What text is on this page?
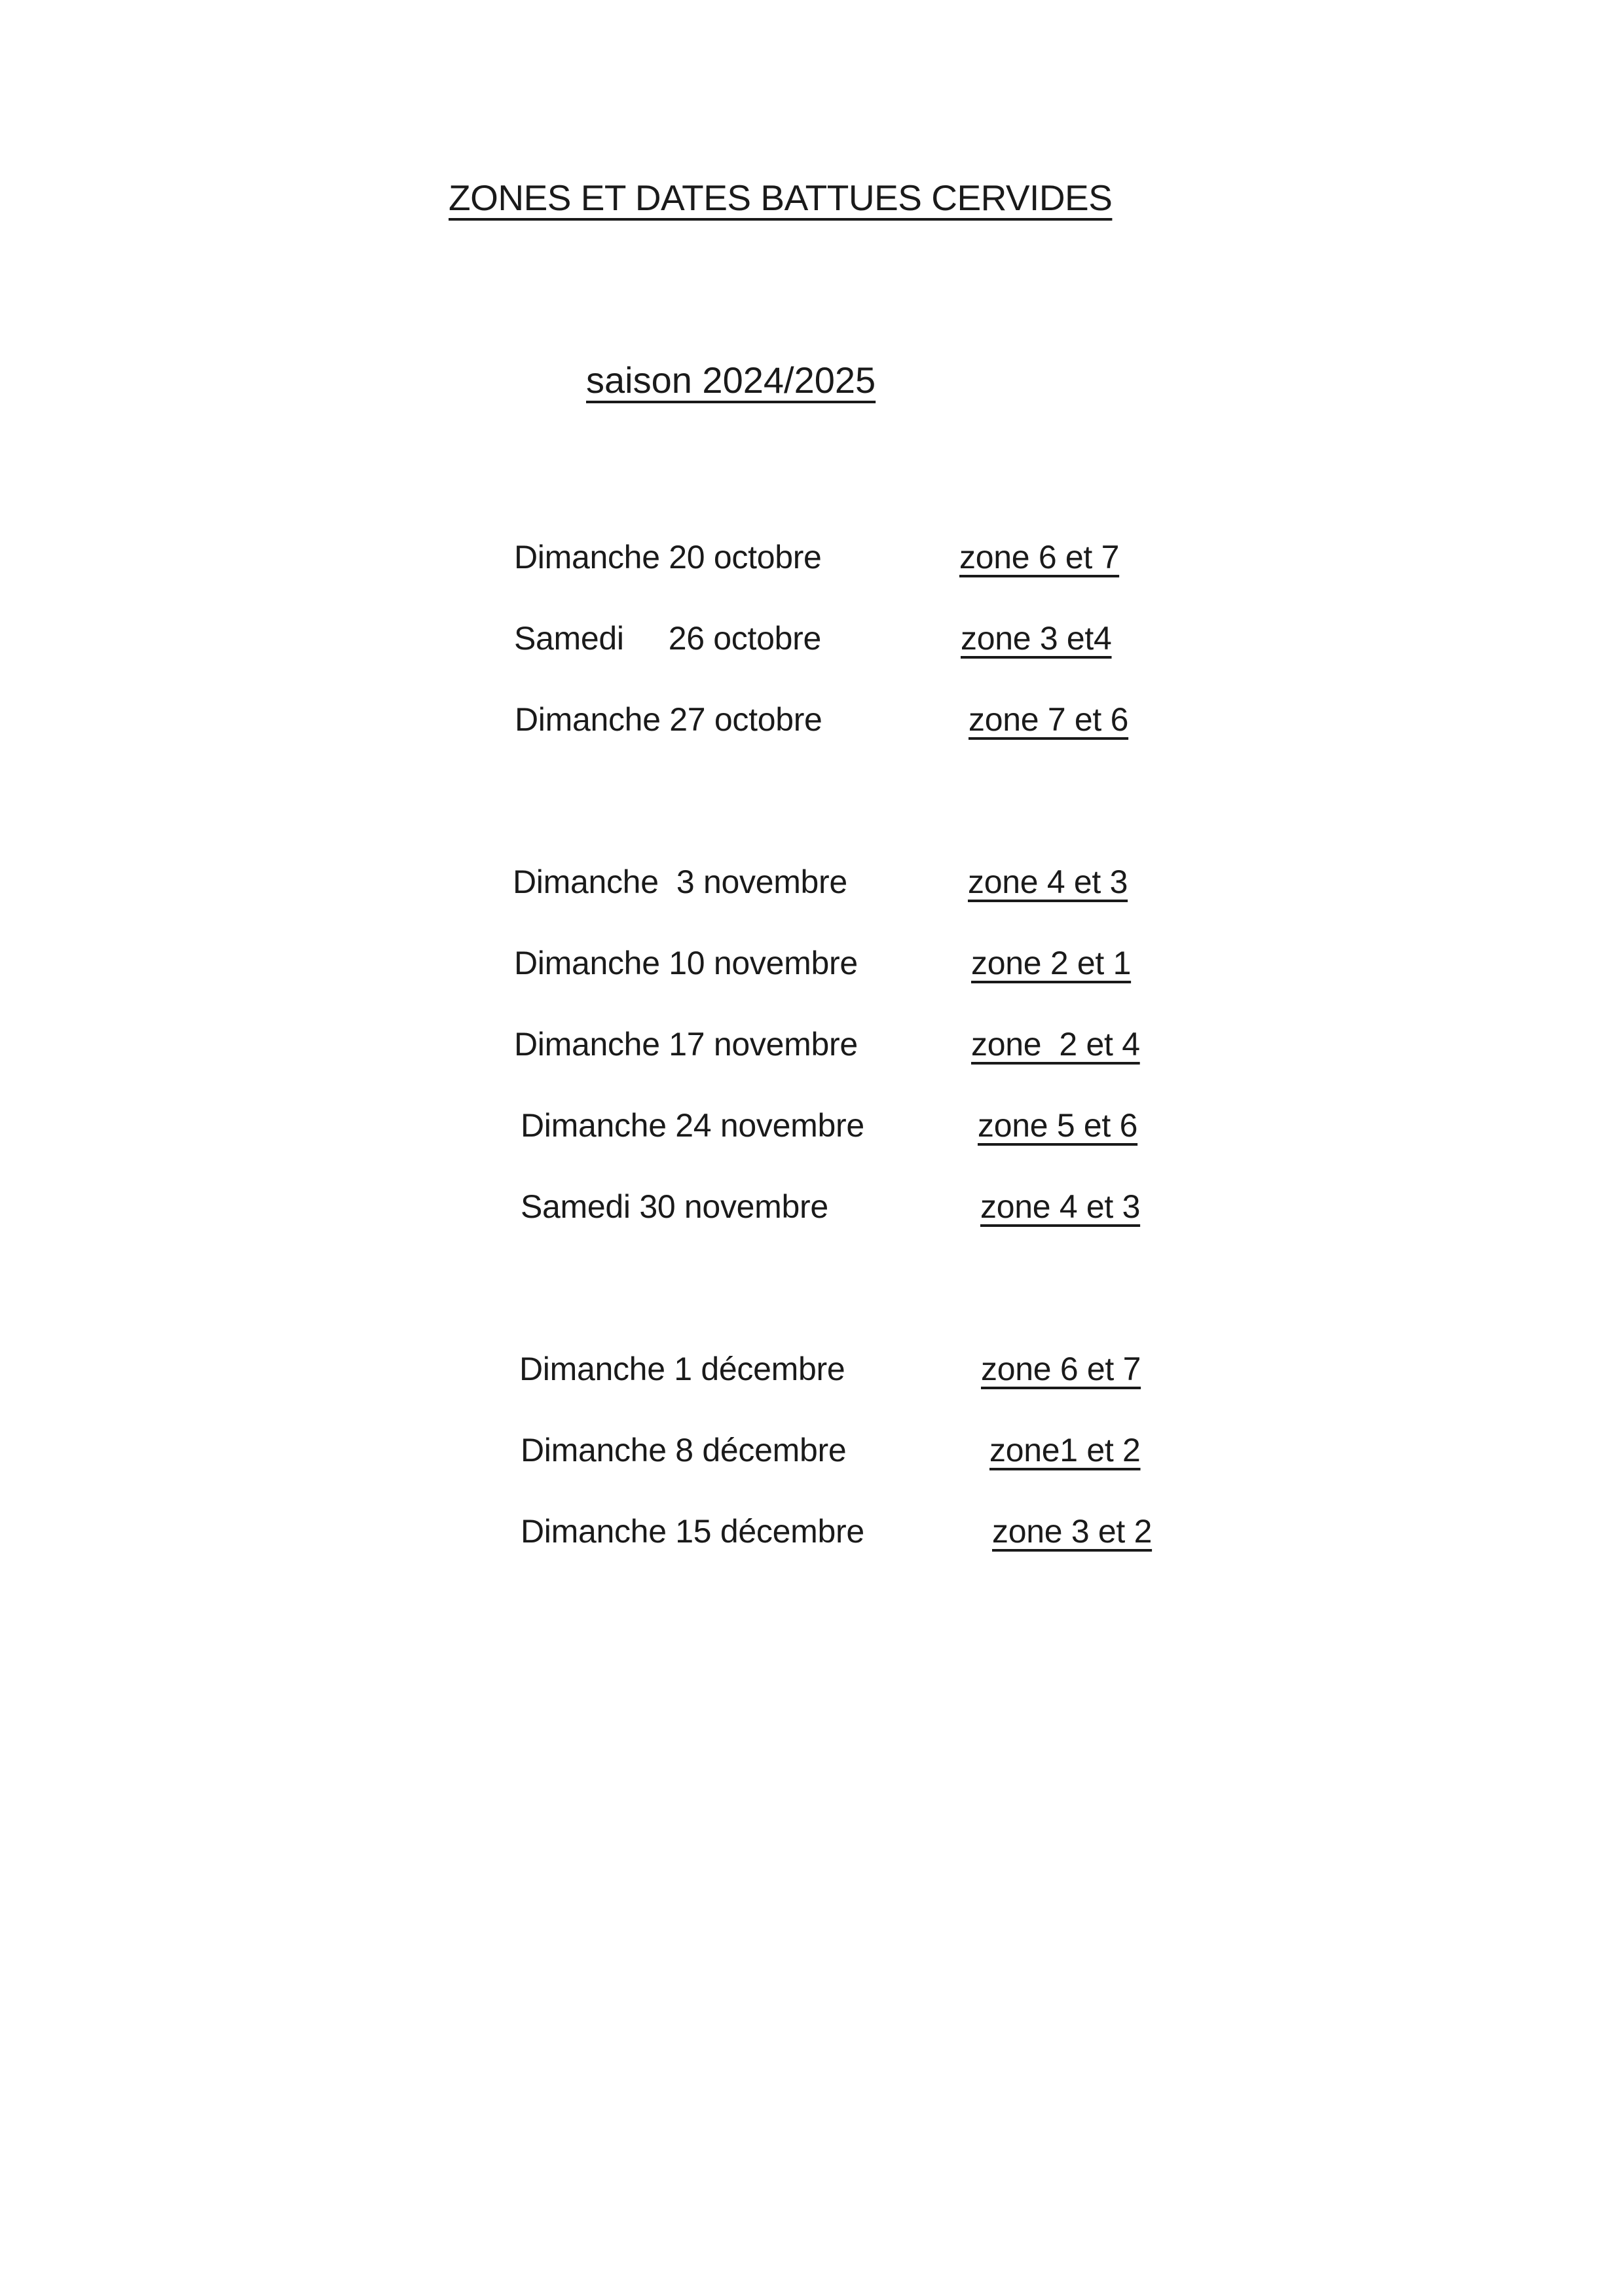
ZONES ET DATES BATTUES CERVIDES
saison 2024/2025
Dimanche 20 octobre	zone 6 et 7
Samedi     26 octobre	zone 3 et4
Dimanche 27 octobre	zone 7 et 6
Dimanche  3 novembre	zone 4 et 3
Dimanche 10 novembre	zone 2 et 1
Dimanche 17 novembre	zone  2 et 4
Dimanche 24 novembre	zone 5 et 6
Samedi 30 novembre	zone 4 et 3
Dimanche 1 décembre	zone 6 et 7
Dimanche 8 décembre	zone1 et 2
Dimanche 15 décembre	zone 3 et 2
